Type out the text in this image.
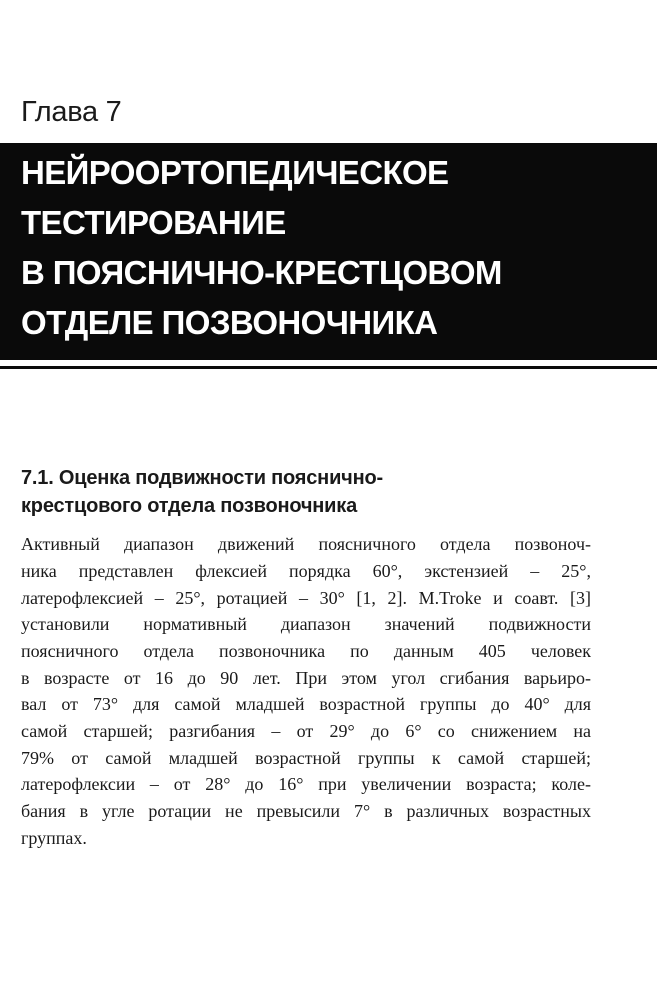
Глава 7
НЕЙРООРТОПЕДИЧЕСКОЕ
ТЕСТИРОВАНИЕ
В ПОЯСНИЧНО-КРЕСТЦОВОМ
ОТДЕЛЕ ПОЗВОНОЧНИКА
7.1. Оценка подвижности пояснично-
крестцового отдела позвоночника
Активный диапазон движений поясничного отдела позвоноч-
ника представлен флексией порядка 60°, экстензией – 25°,
латерофлексией – 25°, ротацией – 30° [1, 2]. M.Troke и соавт. [3]
установили нормативный диапазон значений подвижности
поясничного отдела позвоночника по данным 405 человек
в возрасте от 16 до 90 лет. При этом угол сгибания варьиро-
вал от 73° для самой младшей возрастной группы до 40° для
самой старшей; разгибания – от 29° до 6° со снижением на
79% от самой младшей возрастной группы к самой старшей;
латерофлексии – от 28° до 16° при увеличении возраста; коле-
бания в угле ротации не превысили 7° в различных возрастных
группах.
